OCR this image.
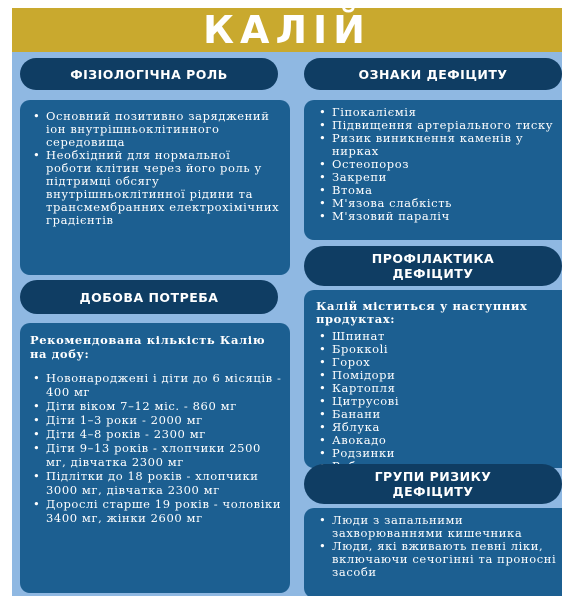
КАЛІЙ
ФІЗІОЛОГІЧНА РОЛЬ
• Основний позитивно заряджений іон внутрішньоклітинного середовища
• Необхідний для нормальної роботи клітин через його роль у підтримці обсягу внутрішньоклітинної рідини та трансмембранних електрохімічних градієнтів
ОЗНАКИ ДЕФІЦИТУ
• Гіпокаліємія
• Підвищення артеріального тиску
• Ризик виникнення каменів у нирках
• Остеопороз
• Закрепи
• Втома
• М'язова слабкість
• М'язовий параліч
ДОБОВА ПОТРЕБА
Рекомендована кількість Калію на добу:
• Новонароджені і діти до 6 місяців - 400 мг
• Діти віком 7–12 міс. - 860 мг
• Діти 1–3 роки - 2000 мг
• Діти 4–8 років - 2300 мг
• Діти 9–13 років - хлопчики 2500 мг, дівчатка 2300 мг
• Підлітки до 18 років - хлопчики 3000 мг, дівчатка 2300 мг
• Дорослі старше 19 років - чоловіки 3400 мг, жінки 2600 мг
ПРОФІЛАКТИКА
ДЕФІЦИТУ
Калій міститься у наступних продуктах:
• Шпинат
• Броккolі
• Горох
• Помідори
• Картопля
• Цитрусові
• Банани
• Яблука
• Авокадо
• Родзинки
•
ГРУПИ РИЗИКУ
ДЕФІЦИТУ
• Люди з запальними захворюваннями кишечника
• Люди, які вживають певні ліки, включаючи сечогінні та проносні засоби
